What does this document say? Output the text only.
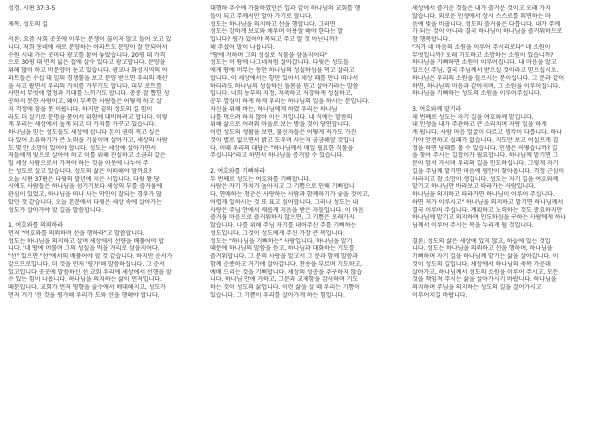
성경. 시편 37:3-5
제목. 성도의 길
서론: 요즘 사회 곳곳에 이루는 분쟁이 끊이지 않고 들어 오고 있
니다. 저희 동네에 새로 분양하는 아파트도 분양이 잘 안되어서
수원 시내 가는 곳마다 광고를 붙여 놓았습니다. 20평 대 가격
으로 30평 대 면적 넓은 집에 살수 있다고 광고합니다. 분양을
위해 많이 하고 비분양이 눈고 있습니다. 광교나 화성지역의 아
파트들은 수십 대 일의 경쟁률을 보고 분양 받으면 우리의 재산
을 사고 팔면서 우리의 가치를 가꾸기도 합니다. 피부 로트를
사면서 무엇에 열정과 기대를 느끼기도 합니다. 중중 잘 뽑힌 성
공하지 못한 사람이고, 왜이 부족한 사람들은 어떻게 하고 살
지 걱정에 잠을 못 이룹니다. 하지만 끝의 성도의 길 힘이
라도 더 살기로 분명을 품어서 위험에 대비하려고 합니다. 이렇
게 우리는 세상에서 높게 되고 더 가치를 가꾸고 있습니다.
하나님을 믿는 성도들도 세상에 삽니다 돈이 권력 적고 싶은
다 있어 소유하기가 큰 노력을 기울이며 살아가고, 세상의 사람
도 몇 안 소망이 있어야 합니다. 성도는 세상에 살아가면서
저들에게 빛으로 살아야 하고 이를 위해 진실하고 소금과 같은
일 세상 사람으로서 가져야 하는 것을 이웃에 나누어 주
는 성도로 살고 있습니다. 성도의 삶은 어떠해야 할까요?
오늘 시편 37편은 다윗의 말년에 지은 시입니다. 다윗 왕 당
시에도 사람들은 하나님을 섬기기보다 세상의 부를 즐거움에
관심이 있었고, 하나님을 떠나 사는 악인이 잘되는 경우가 많
았던 것 같습니다. 오늘 본문에서 다윗은 세상 속에 살아가는
성도가 살아가야 할 길을 말씀합니다.
1. 여호와를 의뢰하라
먼저 "여호와를 의뢰하며 선을 행하라"고 말씀합니다.
성도는 하나님을 의지하고 살며 세상에서 선량을 베풀어야 합
니다. '네 땅에 머물며 그의 성실을 먹을 거리로 삼을지어다.
"선" 있으면 "선"에서의 배풀어야 할 것 같습니다. 하지만 순서가
같으므로입니다. 더 것을 먼저 '평가'해 말씀하십니다. 그 순서
있고입니다 곳곳에 말씀하신 선 교회 우리에 세상에서 선행을 할
수 있는 힘이 나옵니다. 하나님을 의지하는 삶이 먼저입니다.
때문입니다. 교회가 먼저 영향을 줄수에서 배대해지고, 성도가
먼저 거기 '진 것을 평가해 우리가 도와 선을 행해야 합니다.
대행하 추수에 가뭄하였던은 입과 같이 하나님의 교회를 행
들이 되고 주께서만 알아 가기로 할니다.
성도는 하나님을 의지하고 선을 행합니다. 그러면
성도는 강하게 보호와 채우며 이용할 해야 한다는 말
입니다? 평가 있어야 복되고 주고 말 것 아닌니까?
해 주셨어 말이 나옵니다.
"땅에 거하며 그의 성실로 식물을 삼을지어다"
성도는 이 땅에 나그네처럼 살아갑니다. 다윗은 성도들
에게 땅에 머무는 동안 하나님의 성실하심을 먹고 살라고
합니다. 이 세상에서는 항만 있어서 세상 때를 만나 떠나서
하더라도 하나님의 성실하신 돌봄을 믿고 살아가라는 말씀
입니다. 너희 농부의 지정, 저축하고 저장하게 성실하고,
공부 열심이 하게 하게 우리는 하나님의 일을 하시는 분입니다.
자신을 위해 바는, 하나님에게 하였 우리는 하나님
나를 먹으려 하지 않아 이는 거입니다. 내 식에는 말씀의
위해 삶으로 어려워 아울로 보는 방을 것이 당연합니다.
이런 성도의 생활을 보면, 불신자들은 어떻게 저가도 가진
것이 별로 없으면서 밝고 도우며 사는지 궁금해할 것입니
다. 이때 우리의 대답은 "하나님께서 매일 필요한 식물을
주십니다"라고 하면서 하나님을 증거할 수 있습니다.
2. 여호와를 기뻐하라
두 번째로 성도는 여호와를 기뻐합니다.
사람은 자기 가치가 높아지고 그 기쁨으로 인해 기뻐합니
다. 연애하는 청춘은 사랑하는 사람과 함께하기가 좋을 것이고,
어렵게 일하시는 것 또 표고 싶어합니다. 그러나 성도는 내
사랑은 주님 안에서 새롭게 지음을 받은 자들입니다. 이 마음
즐거움 마음으로 즐거워하지 않으면, 그 기쁨은 오래가지
않습니다. 나를 위해 주님 자기를 내어주신 주를 기뻐하는
성도입니다. 그것이 성도에게 주신 가장 큰 복입니다.
성도는 "하나님을 기뻐하는" 사람입니다. 하나님을 알기
때문에 하나님의 말씀을 듣고, 하나님과 대화하는 기도를
즐거워합니다. 그 분의 사랑을 알고서 그 분과 함께 말씀과
함께 순종하고 거기에 살아갑니다. 찬송을 부르며 기도하고,
예배 드리는 것을 기뻐합니다. 세상의 성공을 추구하지 않습
니다. 하나님 안에 거하고, 그분과 교제함을 감사하며 기도
하는 것이 성도의 삶입니다. 이런 삶을 살 때 우리는 기쁨이
있습니다. 그 기쁨이 우리를 살아가게 하는 힘입니다.
세상에서 즐거운 것들은 내가 즐거운 것이고 오래 가지
않습니다. 외로운 인생에서 상시 스스로를 외면하는 마
음에 빛을 비춥니다. 성도의 즐거움은 다릅니다. 내가 주께
가 되는 것이 아니라 결국 하나님이 하나님을 즐거워하므로
참 행복합니다.
"저가 네 마음의 소원을 이루어 주시리로다" 네 소원이
무엇입니까? 오래 기도하고 소망하는 소원이 있습니까?
하나님을 기뻐하면 소원이 이루어집니다. 내 마음을 알고
있으신 주님, 결국 주님께서 받으실 것이라고 믿으십시오.
하나님은 우리의 소원을 들으시는 분이십니다. 그 분과 같이
하면, 하나님의 마음과 같아지며, 그 소원을 이루어집니다.
하나님을 기뻐하는 성도의 소원을 이루어주십니다.
3. 여호와께 맡기라
세 번째로 성도는 자기 길을 여호와께 맡깁니다.
내 인생을 내가 주관하고 큰 소리치며 자랑 일을 하게
게 됩니다. 사람 마음 얼굴이 다르고 생각이 다릅니다. 하나
가야 안전하고 실패가 없습니다. 지도만 보고 어설프게 결
정을 하면 낭패를 볼 수 있습니다. 인생은 어떻습니까? 길
을 찾아 주시는 길잡이가 필요합니다. 하나님께 맡기면 그
분이 앞서 가시며 우리의 길을 인도하십니다. 그렇게 자기
길을 주님께 맡기면 마음에 평안이 찾아옵니다. 걱정 근심이
사라지고 참 소망이 생깁니다. 성도는 자기 길을 여호와께
맡기고 하나님만 바라보고 따라가는 사람입니다.
하나님을 의지하고 따라가면 하나님이 이루어 주십니다.
하면 저가 이루시고" 하나님을 의지하고 맡기면 하나님께서
결국 이루어 주십니다. 계획하고 노력하는 것도 중요하지만
하나님께 맡기고 의지하며 인도하심을 구하는 사람에게 하나
님께서 이루어 주시는 복을 누리게 될 것입니다.
결론: 성도의 삶은 세상에 있지 않고, 하늘에 있는 것입
니다. 성도는 하나님을 의뢰하고 선을 행하며, 하나님을
기뻐하며 자기 길을 하나님께 맡기는 삶을 살아갑니다. 이
것이 성도의 길입니다. 세상에서 하나님의 축복 가운데
살아가고, 하나님께서 성도의 소원을 이루어 주시고, 모든
것을 책임져 주시는 삶을 살아가시기 바랍니다. 하나님을
의지하며 주님을 의지하는 성도의 길을 걸어가시고
이루어지길 바랍니다.
